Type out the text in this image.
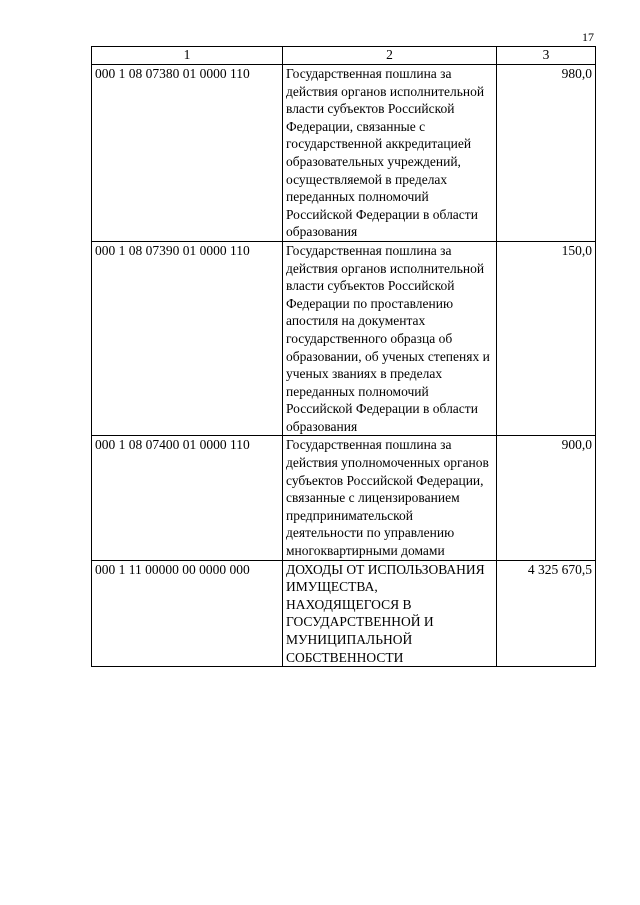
17
1	2	3
000 1 08 07380 01 0000 110	Государственная пошлина за действия органов исполнительной власти субъектов Российской Федерации, связанные с государственной аккредитацией образовательных учреждений, осуществляемой в пределах переданных полномочий Российской Федерации в области образования	980,0
000 1 08 07390 01 0000 110	Государственная пошлина за действия органов исполнительной власти субъектов Российской Федерации по проставлению апостиля на документах государственного образца об образовании, об ученых степенях и ученых званиях в пределах переданных полномочий Российской Федерации в области образования	150,0
000 1 08 07400 01 0000 110	Государственная пошлина за действия уполномоченных органов субъектов Российской Федерации, связанные с лицензированием предпринимательской деятельности по управлению многоквартирными домами	900,0
000 1 11 00000 00 0000 000	ДОХОДЫ ОТ ИСПОЛЬЗОВАНИЯ ИМУЩЕСТВА, НАХОДЯЩЕГОСЯ В ГОСУДАРСТВЕННОЙ И МУНИЦИПАЛЬНОЙ СОБСТВЕННОСТИ	4 325 670,5
